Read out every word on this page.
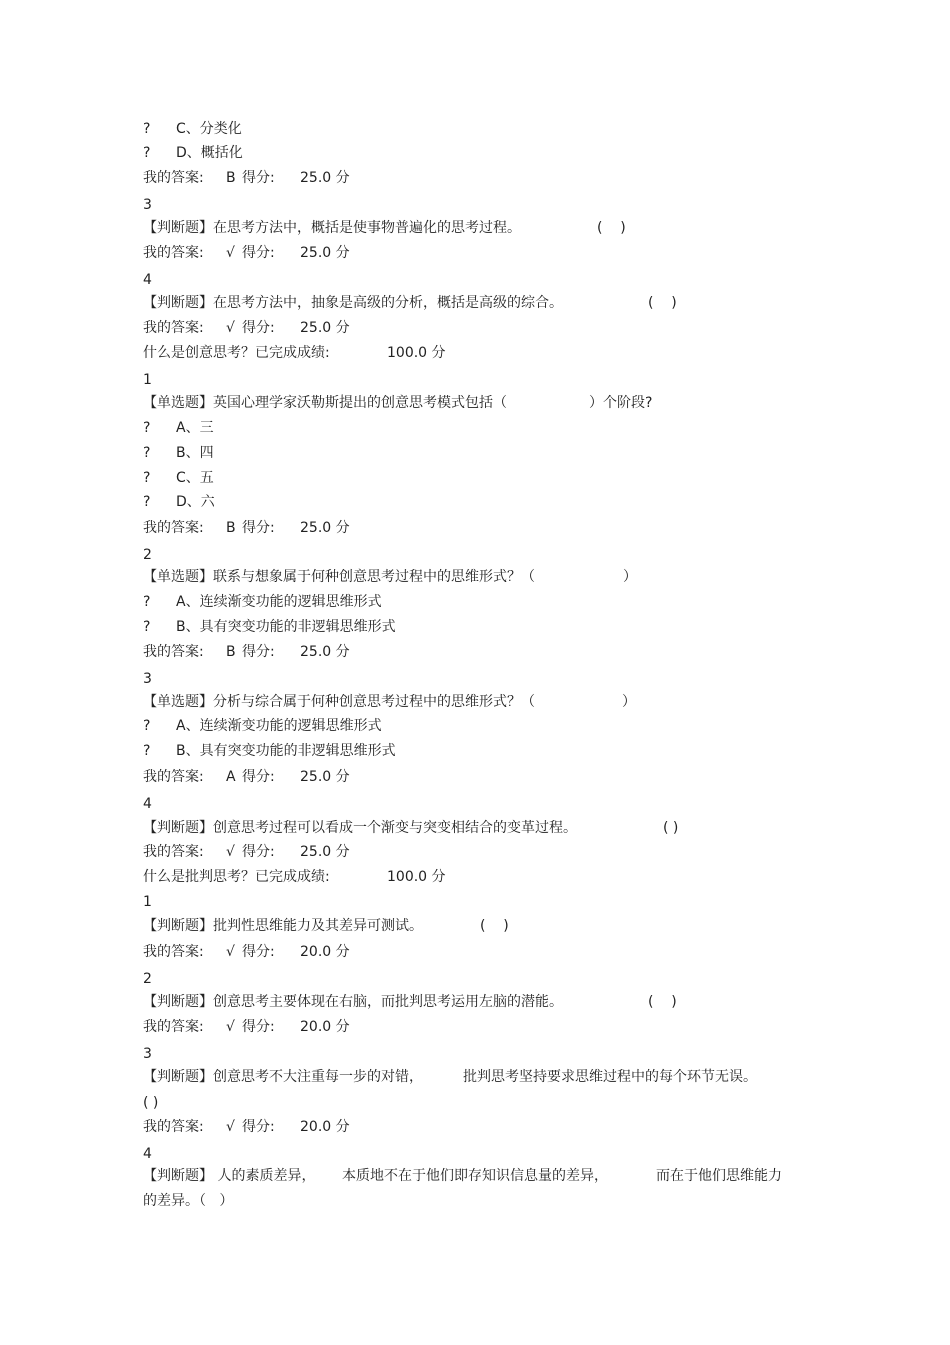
? C、分类化
? D、概括化
我的答案: B 得分: 25.0 分
3
【判断题】在思考方法中，概括是使事物普遍化的思考过程。	(    )
我的答案: √ 得分: 25.0 分
4
【判断题】在思考方法中，抽象是高级的分析，概括是高级的综合。	(    )
我的答案: √ 得分: 25.0 分
什么是创意思考？已完成成绩:	100.0 分
1
【单选题】英国心理学家沃勒斯提出的创意思考模式包括（	）个阶段?
? A、三
? B、四
? C、五
? D、六
我的答案: B 得分: 25.0 分
2
【单选题】联系与想象属于何种创意思考过程中的思维形式？（	）
? A、连续渐变功能的逻辑思维形式
? B、具有突变功能的非逻辑思维形式
我的答案: B 得分: 25.0 分
3
【单选题】分析与综合属于何种创意思考过程中的思维形式？（	）
? A、连续渐变功能的逻辑思维形式
? B、具有突变功能的非逻辑思维形式
我的答案: A 得分: 25.0 分
4
【判断题】创意思考过程可以看成一个渐变与突变相结合的变革过程。	( )
我的答案: √ 得分: 25.0 分
什么是批判思考？已完成成绩:	100.0 分
1
【判断题】批判性思维能力及其差异可测试。	(    )
我的答案: √ 得分: 20.0 分
2
【判断题】创意思考主要体现在右脑，而批判思考运用左脑的潜能。	(    )
我的答案: √ 得分: 20.0 分
3
【判断题】创意思考不大注重每一步的对错，	批判思考坚持要求思维过程中的每个环节无误。
( )
我的答案: √ 得分: 20.0 分
4
【判断题】 人的素质差异， 本质地不在于他们即存知识信息量的差异，	而在于他们思维能力
的差异。（   ）
